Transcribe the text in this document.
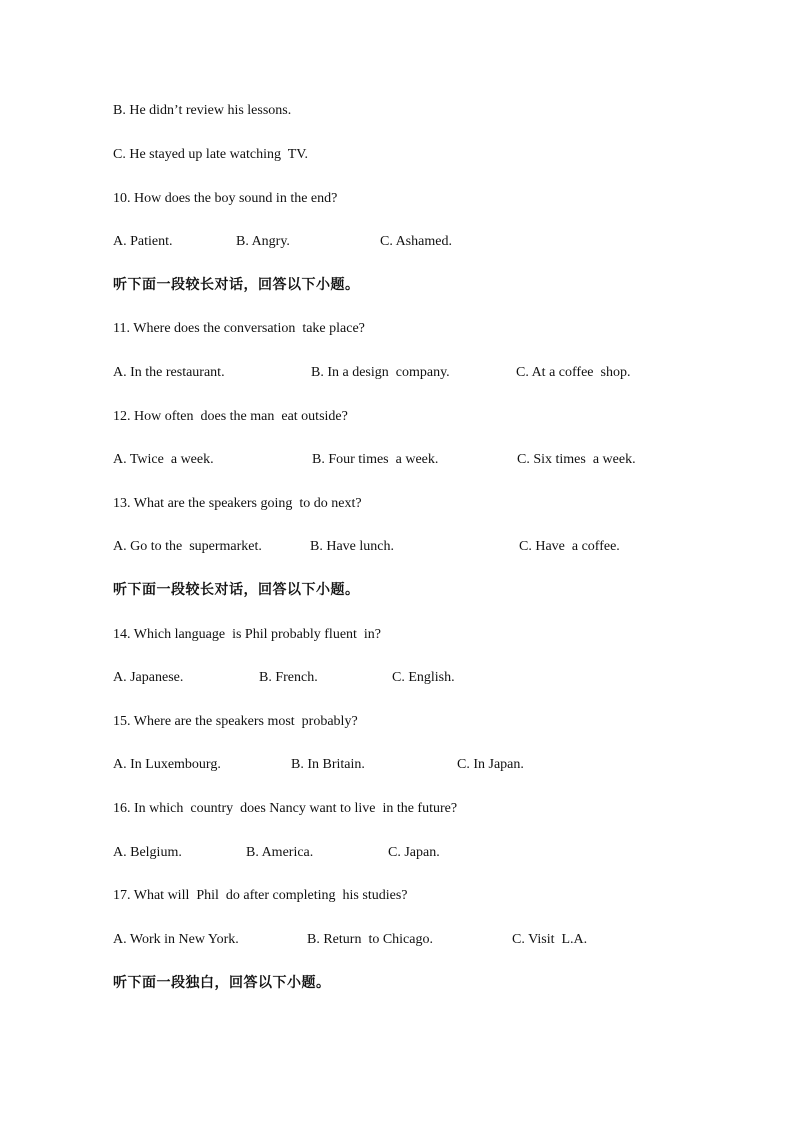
B. He didn’t review his lessons.
C. He stayed up late watching  TV.
10. How does the boy sound in the end?
A. Patient.	B. Angry.	C. Ashamed.
听下面一段较长对话，回答以下小题。
11. Where does the conversation  take place?
A. In the restaurant.	B. In a design  company.	C. At a coffee  shop.
12. How often  does the man  eat outside?
A. Twice  a week.	B. Four times  a week.	C. Six times  a week.
13. What are the speakers going  to do next?
A. Go to the  supermarket.	B. Have lunch.	C. Have  a coffee.
听下面一段较长对话，回答以下小题。
14. Which language  is Phil probably fluent  in?
A. Japanese.	B. French.	C. English.
15. Where are the speakers most  probably?
A. In Luxembourg.	B. In Britain.	C. In Japan.
16. In which  country  does Nancy want to live  in the future?
A. Belgium.	B. America.	C. Japan.
17. What will  Phil  do after completing  his studies?
A. Work in New York.	B. Return  to Chicago.	C. Visit  L.A.
听下面一段独白，回答以下小题。
